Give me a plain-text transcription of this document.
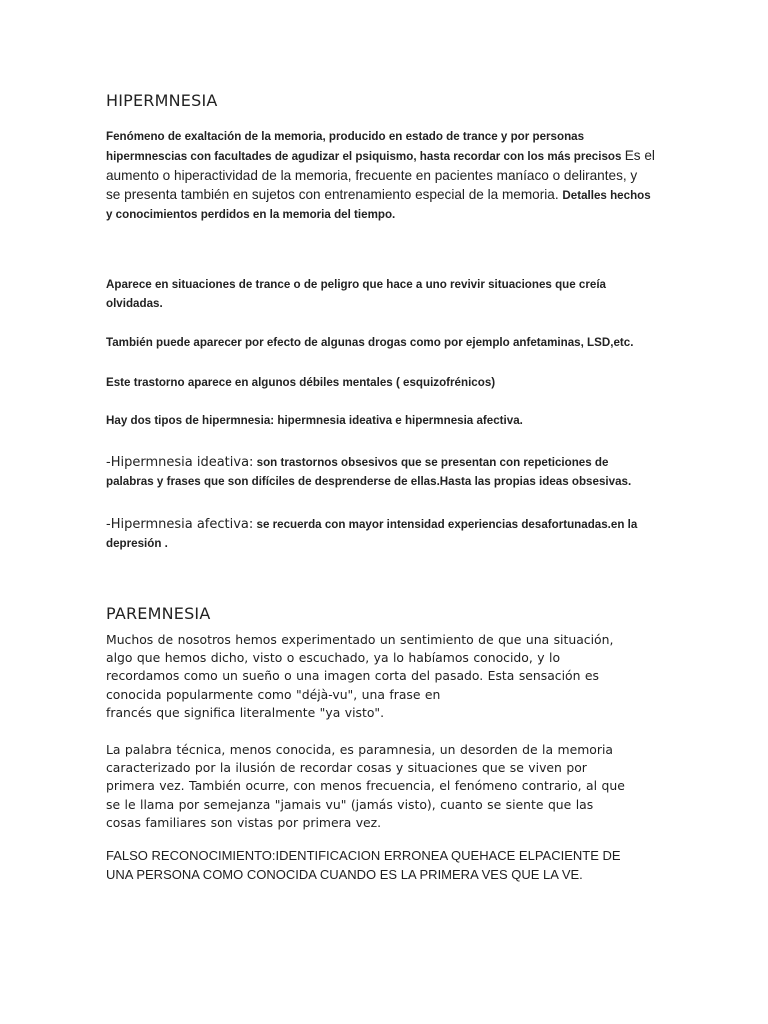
HIPERMNESIA
Fenómeno de exaltación de la memoria, producido en estado de trance y por personas
hipermnescias con facultades de agudizar el psiquismo, hasta recordar con los más precisos Es el
aumento o hiperactividad de la memoria, frecuente en pacientes maníaco o delirantes, y
se presenta también en sujetos con entrenamiento especial de la memoria. Detalles hechos
y conocimientos perdidos en la memoria del tiempo.
Aparece en situaciones de trance o de peligro que hace a uno revivir situaciones que creía
olvidadas.
También puede aparecer por efecto de algunas drogas como por ejemplo anfetaminas, LSD,etc.
Este trastorno aparece en algunos débiles mentales ( esquizofrénicos)
Hay dos tipos de hipermnesia: hipermnesia ideativa e hipermnesia afectiva.
-Hipermnesia ideativa: son trastornos obsesivos que se presentan con repeticiones de
palabras y frases que son difíciles de desprenderse de ellas.Hasta las propias ideas obsesivas.
-Hipermnesia afectiva: se recuerda con mayor intensidad experiencias desafortunadas.en la
depresión .
PAREMNESIA
Muchos de nosotros hemos experimentado un sentimiento de que una situación,
algo que hemos dicho, visto o escuchado, ya lo habíamos conocido, y lo
recordamos como un sueño o una imagen corta del pasado. Esta sensación es
conocida popularmente como "déjà-vu", una frase en
francés que significa literalmente "ya visto".
La palabra técnica, menos conocida, es paramnesia, un desorden de la memoria
caracterizado por la ilusión de recordar cosas y situaciones que se viven por
primera vez. También ocurre, con menos frecuencia, el fenómeno contrario, al que
se le llama por semejanza "jamais vu" (jamás visto), cuanto se siente que las
cosas familiares son vistas por primera vez.
FALSO RECONOCIMIENTO:IDENTIFICACION ERRONEA QUEHACE ELPACIENTE DE
UNA PERSONA COMO CONOCIDA CUANDO ES LA PRIMERA VES QUE LA VE.
